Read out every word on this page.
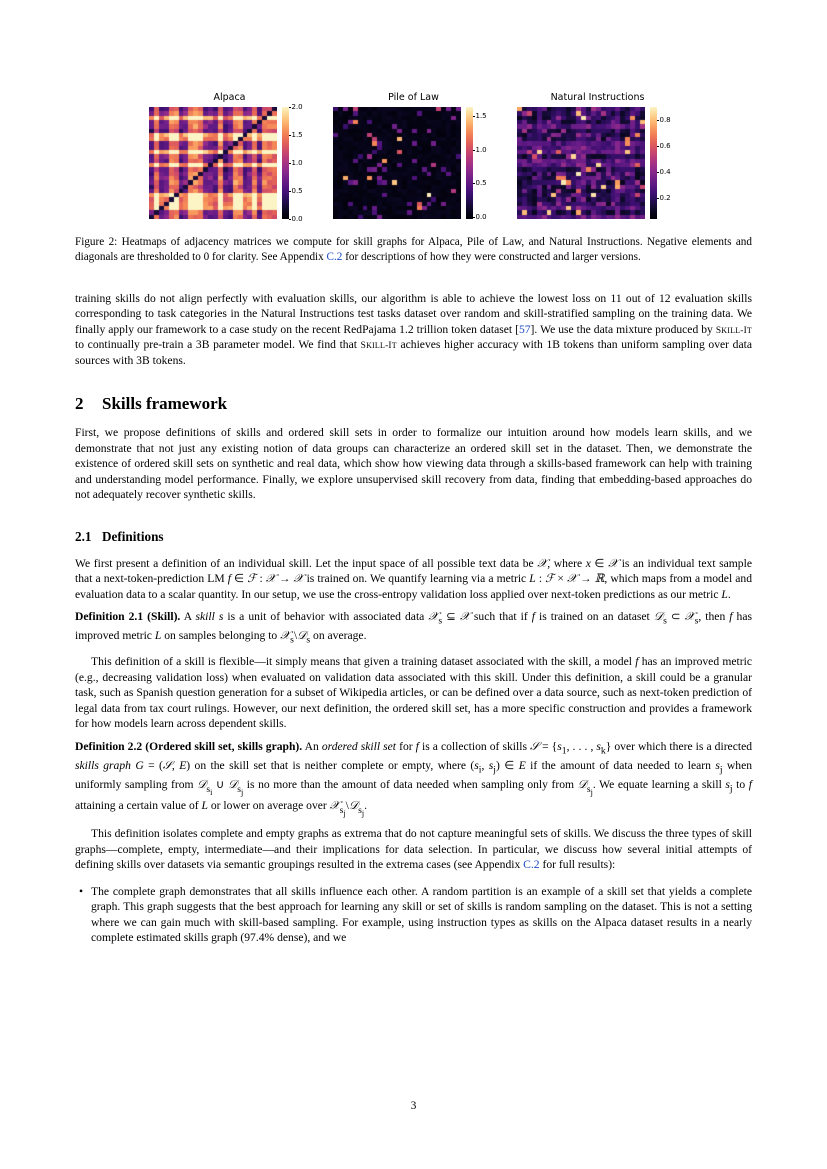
Alpaca
2.0
1.5
1.0
0.5
0.0
Pile of Law
1.5
1.0
0.5
0.0
Natural Instructions
0.8
0.6
0.4
0.2
Figure 2: Heatmaps of adjacency matrices we compute for skill graphs for Alpaca, Pile of Law, and Natural Instructions. Negative elements and diagonals are thresholded to 0 for clarity. See Appendix C.2 for descriptions of how they were constructed and larger versions.

training skills do not align perfectly with evaluation skills, our algorithm is able to achieve the lowest loss on 11 out of 12 evaluation skills corresponding to task categories in the Natural Instructions test tasks dataset over random and skill-stratified sampling on the training data. We finally apply our framework to a case study on the recent RedPajama 1.2 trillion token dataset [57]. We use the data mixture produced by SKILL-IT to continually pre-train a 3B parameter model. We find that SKILL-IT achieves higher accuracy with 1B tokens than uniform sampling over data sources with 3B tokens.

2	Skills framework

First, we propose definitions of skills and ordered skill sets in order to formalize our intuition around how models learn skills, and we demonstrate that not just any existing notion of data groups can characterize an ordered skill set in the dataset. Then, we demonstrate the existence of ordered skill sets on synthetic and real data, which show how viewing data through a skills-based framework can help with training and understanding model performance. Finally, we explore unsupervised skill recovery from data, finding that embedding-based approaches do not adequately recover synthetic skills.

2.1 Definitions

We first present a definition of an individual skill. Let the input space of all possible text data be 𝒳, where x ∈ 𝒳 is an individual text sample that a next-token-prediction LM f ∈ ℱ : 𝒳 → 𝒳 is trained on. We quantify learning via a metric L : ℱ × 𝒳 → ℝ, which maps from a model and evaluation data to a scalar quantity. In our setup, we use the cross-entropy validation loss applied over next-token predictions as our metric L.

Definition 2.1 (Skill). A skill s is a unit of behavior with associated data 𝒳$_s$ ⊆ 𝒳 such that if f is trained on an dataset 𝒟$_s$ ⊂ 𝒳$_s$, then f has improved metric L on samples belonging to 𝒳$_s$\𝒟$_s$ on average.

This definition of a skill is flexible—it simply means that given a training dataset associated with the skill, a model f has an improved metric (e.g., decreasing validation loss) when evaluated on validation data associated with this skill. Under this definition, a skill could be a granular task, such as Spanish question generation for a subset of Wikipedia articles, or can be defined over a data source, such as next-token prediction of legal data from tax court rulings. However, our next definition, the ordered skill set, has a more specific construction and provides a framework for how models learn across dependent skills.

Definition 2.2 (Ordered skill set, skills graph). An ordered skill set for f is a collection of skills 𝒮 = {$s_1$, . . . , $s_k$} over which there is a directed skills graph G = (𝒮, E) on the skill set that is neither complete or empty, where ($s_i$, $s_j$) ∈ E if the amount of data needed to learn $s_j$ when uniformly sampling from 𝒟$_{s_i}$ ∪ 𝒟$_{s_j}$ is no more than the amount of data needed when sampling only from 𝒟$_{s_j}$. We equate learning a skill $s_j$ to f attaining a certain value of L or lower on average over 𝒳$_{s_j}$\𝒟$_{s_j}$.

This definition isolates complete and empty graphs as extrema that do not capture meaningful sets of skills. We discuss the three types of skill graphs—complete, empty, intermediate—and their implications for data selection. In particular, we discuss how several initial attempts of defining skills over datasets via semantic groupings resulted in the extrema cases (see Appendix C.2 for full results):

• The complete graph demonstrates that all skills influence each other. A random partition is an example of a skill set that yields a complete graph. This graph suggests that the best approach for learning any skill or set of skills is random sampling on the dataset. This is not a setting where we can gain much with skill-based sampling. For example, using instruction types as skills on the Alpaca dataset results in a nearly complete estimated skills graph (97.4% dense), and we
3
